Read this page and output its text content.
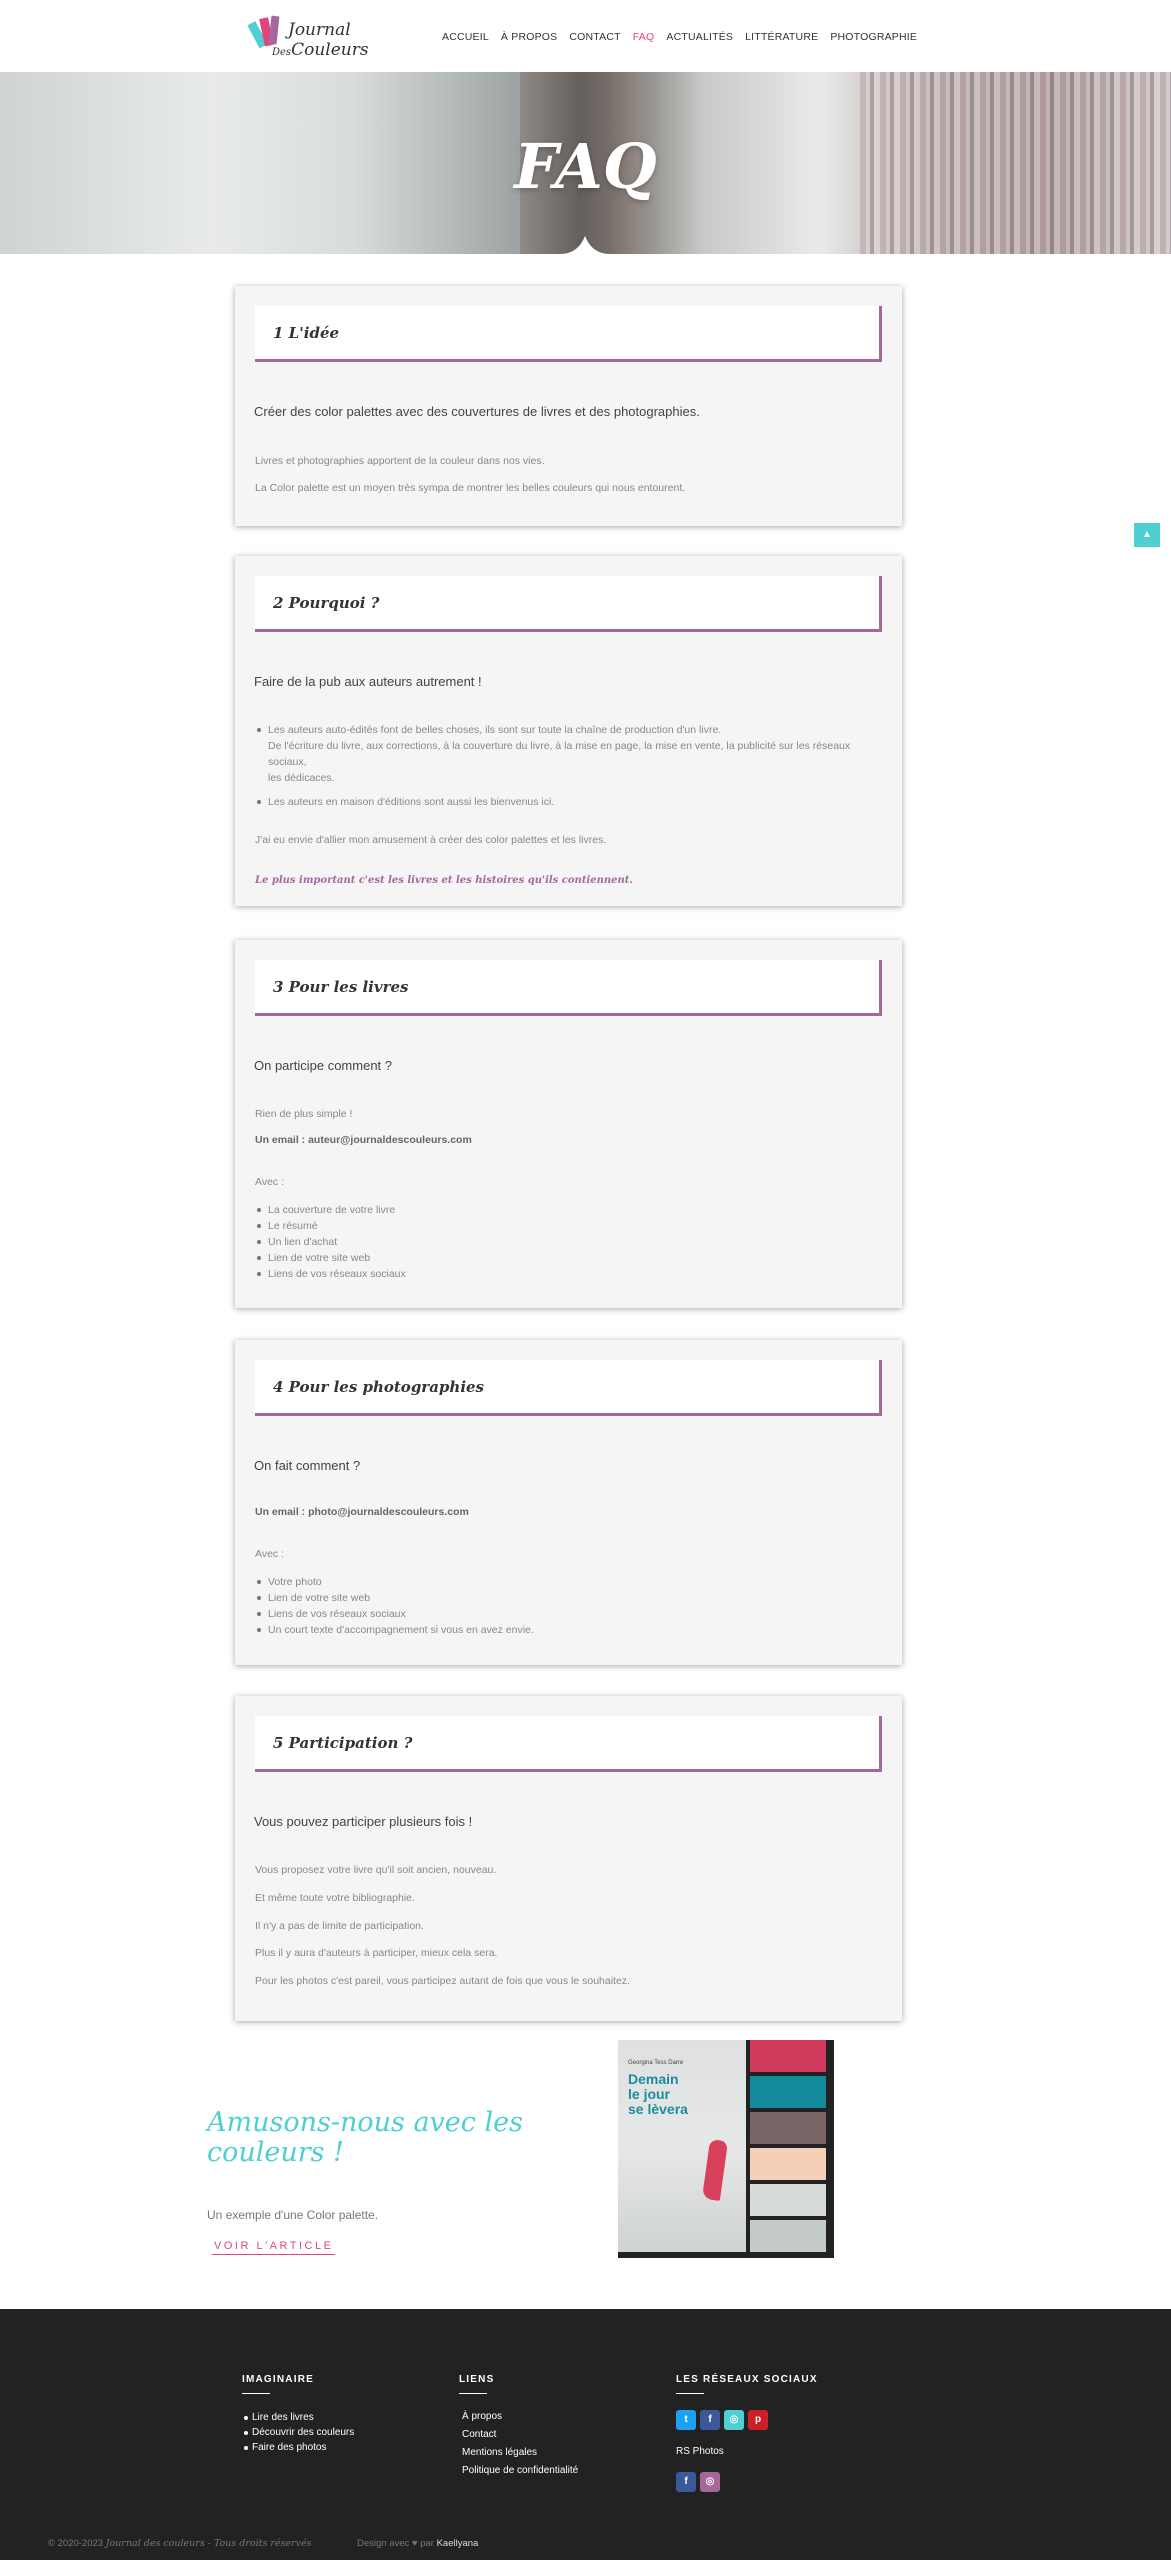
Journal
DesCouleurs
ACCUEIL À PROPOS CONTACT FAQ ACTUALITÉS LITTÉRATURE PHOTOGRAPHIE
FAQ
1 L'idée
Créer des color palettes avec des couvertures de livres et des photographies.
Livres et photographies apportent de la couleur dans nos vies.
La Color palette est un moyen très sympa de montrer les belles couleurs qui nous entourent.
2 Pourquoi ?
Faire de la pub aux auteurs autrement !
Les auteurs auto-édités font de belles choses, ils sont sur toute la chaîne de production d'un livre.
De l'écriture du livre, aux corrections, à la couverture du livre, à la mise en page, la mise en vente, la publicité sur les réseaux sociaux,
les dédicaces.
Les auteurs en maison d'éditions sont aussi les bienvenus ici.
J'ai eu envie d'allier mon amusement à créer des color palettes et les livres.
Le plus important c'est les livres et les histoires qu'ils contiennent.
3 Pour les livres
On participe comment ?
Rien de plus simple !
Un email : auteur@journaldescouleurs.com
Avec :
La couverture de votre livre
Le résumé
Un lien d'achat
Lien de votre site web
Liens de vos réseaux sociaux
4 Pour les photographies
On fait comment ?
Un email : photo@journaldescouleurs.com
Avec :
Votre photo
Lien de votre site web
Liens de vos réseaux sociaux
Un court texte d'accompagnement si vous en avez envie.
5 Participation ?
Vous pouvez participer plusieurs fois !
Vous proposez votre livre qu'il soit ancien, nouveau.
Et même toute votre bibliographie.
Il n'y a pas de limite de participation.
Plus il y aura d'auteurs à participer, mieux cela sera.
Pour les photos c'est pareil, vous participez autant de fois que vous le souhaitez.
▲
Amusons-nous avec les couleurs !
Un exemple d'une Color palette.
VOIR L'ARTICLE
Georgina Tess Darre
Demain
le jour
se lèvera
IMAGINAIRE
Lire des livres
Découvrir des couleurs
Faire des photos
LIENS
À propos
Contact
Mentions légales
Politique de confidentialité
LES RÉSEAUX SOCIAUX
t	f	◎	p
RS Photos
f	◎
© 2020-2023 Journal des couleurs - Tous droits réservés	Design avec ♥ par Kaellyana
